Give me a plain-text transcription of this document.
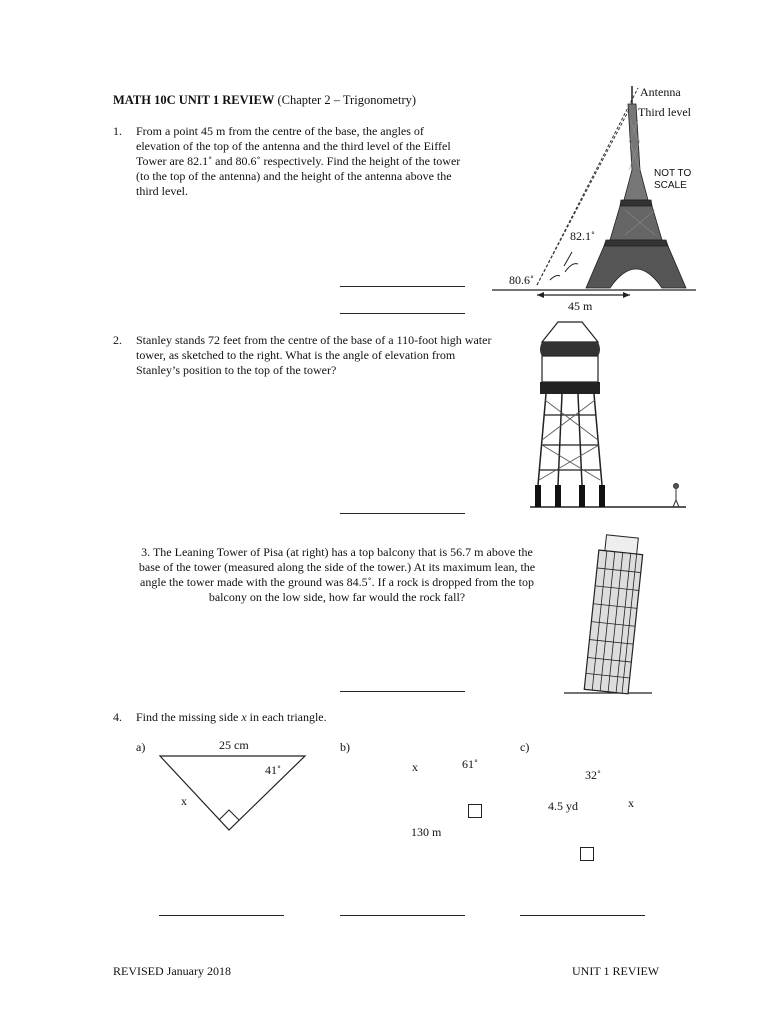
MATH 10C UNIT 1 REVIEW (Chapter 2 – Trigonometry)
1. From a point 45 m from the centre of the base, the angles of
elevation of the top of the antenna and the third level of the Eiffel
Tower are 82.1˚ and 80.6˚ respectively. Find the height of the tower
(to the top of the antenna) and the height of the antenna above the
third level.
Antenna
Third level
NOT TO
SCALE
82.1˚
80.6˚
45 m
2. Stanley stands 72 feet from the centre of the base of a 110-foot high water
tower, as sketched to the right. What is the angle of elevation from
Stanley’s position to the top of the tower?
3. The Leaning Tower of Pisa (at right) has a top balcony that is 56.7 m above the
base of the tower (measured along the side of the tower.) At its maximum lean, the
angle the tower made with the ground was 84.5˚. If a rock is dropped from the top
balcony on the low side, how far would the rock fall?
4. Find the missing side x in each triangle.
a)	25 cm
41˚
x
b)
x	61˚
130 m
c)
32˚
4.5 yd	x
REVISED January 2018	UNIT 1 REVIEW
